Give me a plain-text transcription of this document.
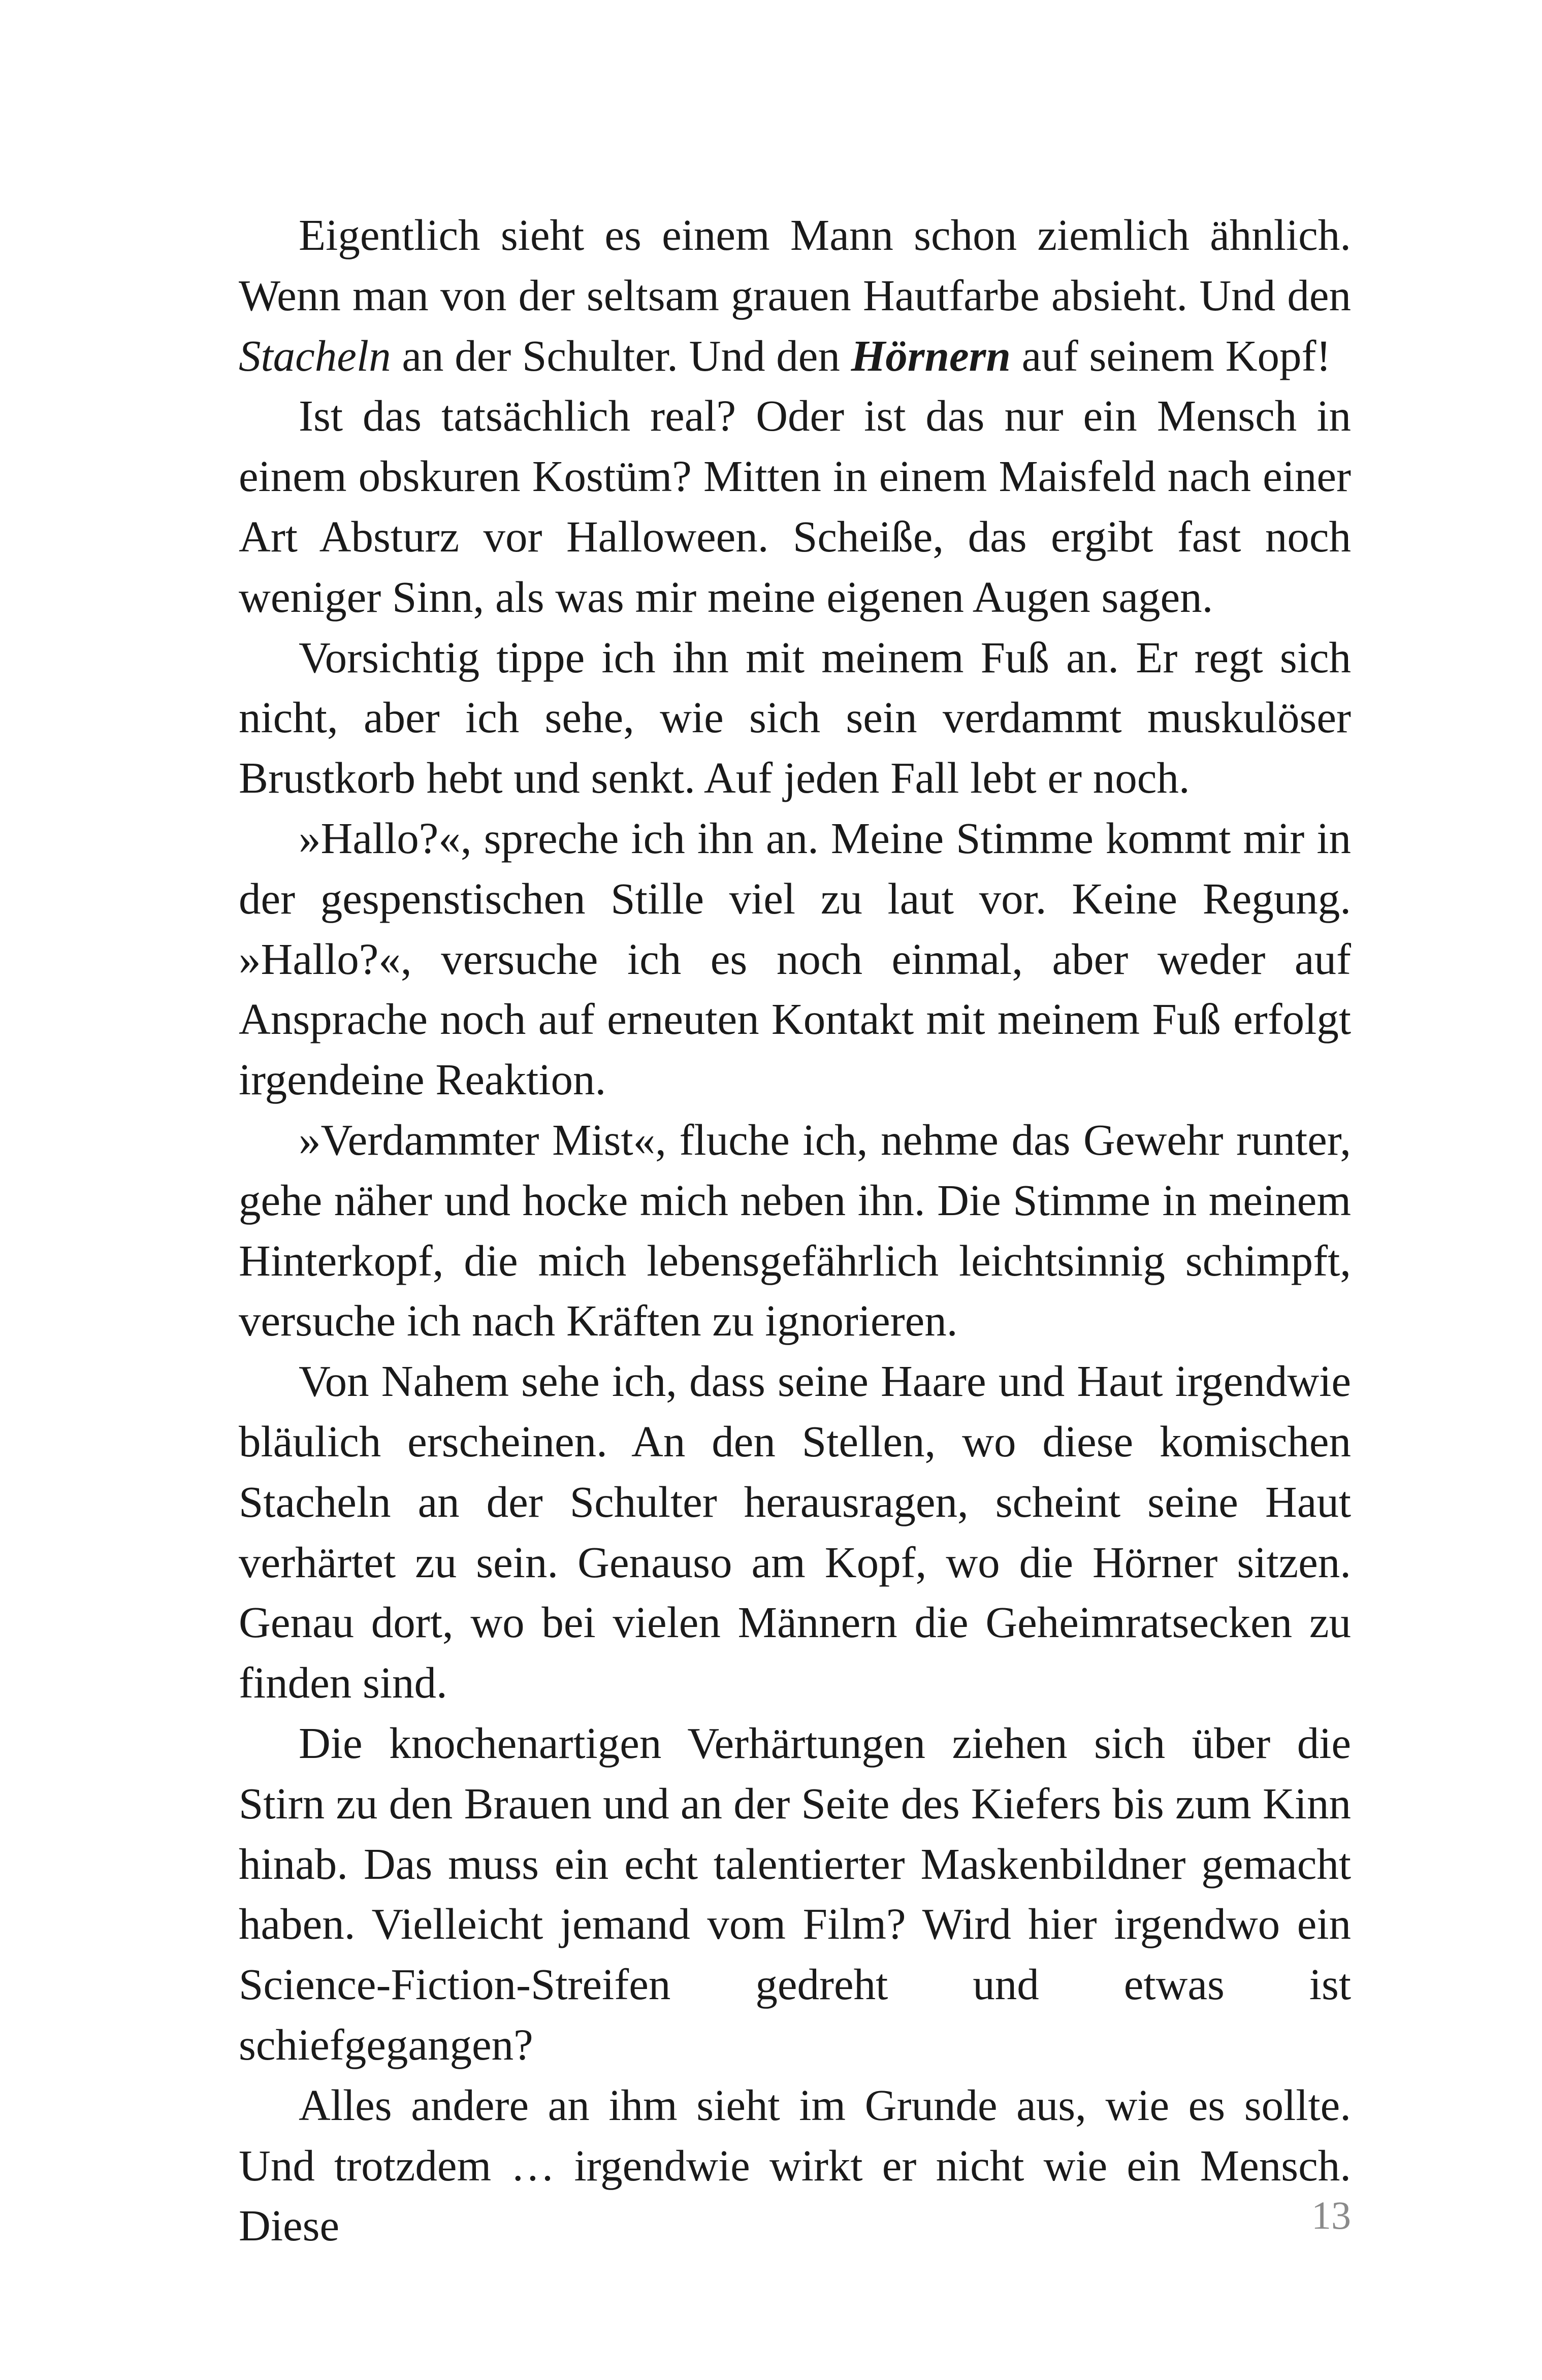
Eigentlich sieht es einem Mann schon ziemlich ähnlich. Wenn man von der seltsam grauen Hautfarbe absieht. Und den Stacheln an der Schulter. Und den Hörnern auf seinem Kopf!

Ist das tatsächlich real? Oder ist das nur ein Mensch in einem obskuren Kostüm? Mitten in einem Maisfeld nach einer Art Absturz vor Halloween. Scheiße, das ergibt fast noch weniger Sinn, als was mir meine eigenen Augen sagen.

Vorsichtig tippe ich ihn mit meinem Fuß an. Er regt sich nicht, aber ich sehe, wie sich sein verdammt muskulöser Brustkorb hebt und senkt. Auf jeden Fall lebt er noch.

»Hallo?«, spreche ich ihn an. Meine Stimme kommt mir in der gespenstischen Stille viel zu laut vor. Keine Regung. »Hallo?«, versuche ich es noch einmal, aber weder auf Ansprache noch auf erneuten Kontakt mit meinem Fuß erfolgt irgendeine Reaktion.

»Verdammter Mist«, fluche ich, nehme das Gewehr runter, gehe näher und hocke mich neben ihn. Die Stimme in meinem Hinterkopf, die mich lebensgefährlich leichtsinnig schimpft, versuche ich nach Kräften zu ignorieren.

Von Nahem sehe ich, dass seine Haare und Haut irgendwie bläulich erscheinen. An den Stellen, wo diese komischen Stacheln an der Schulter herausragen, scheint seine Haut verhärtet zu sein. Genauso am Kopf, wo die Hörner sitzen. Genau dort, wo bei vielen Männern die Geheimratsecken zu finden sind.

Die knochenartigen Verhärtungen ziehen sich über die Stirn zu den Brauen und an der Seite des Kiefers bis zum Kinn hinab. Das muss ein echt talentierter Maskenbildner gemacht haben. Vielleicht jemand vom Film? Wird hier irgendwo ein Science-Fiction-Streifen gedreht und etwas ist schiefgegangen?

Alles andere an ihm sieht im Grunde aus, wie es sollte. Und trotzdem … irgendwie wirkt er nicht wie ein Mensch. Diese	13
